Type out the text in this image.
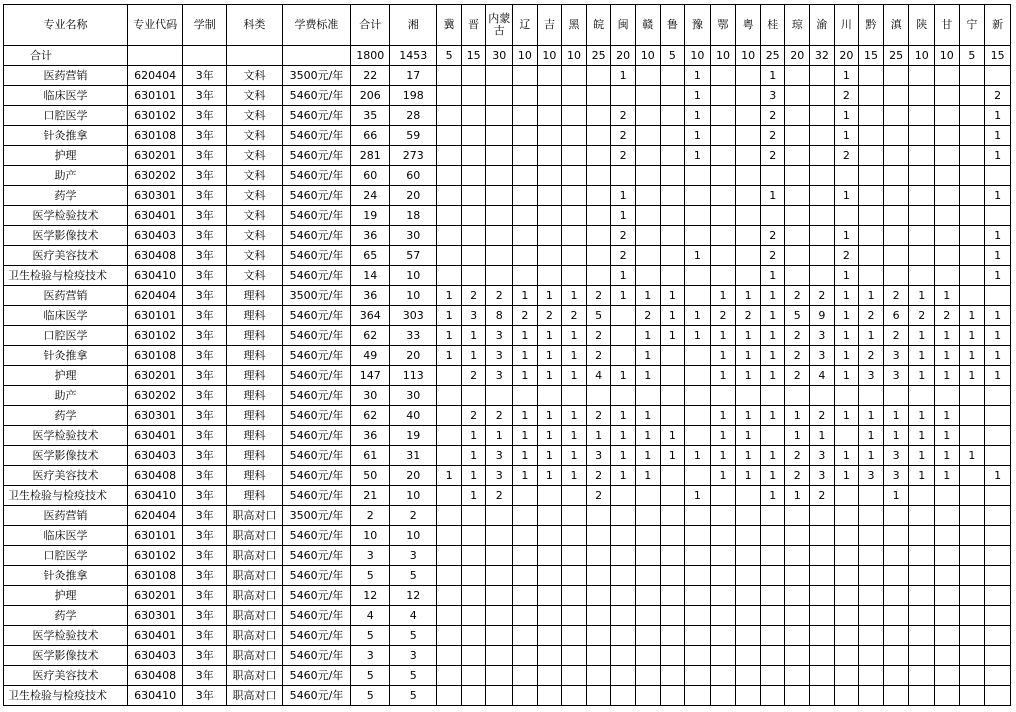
专业名称	专业代码	学制	科类	学费标准	合计	湘	冀	晋	内蒙古	辽	吉	黑	皖	闽	赣	鲁	豫	鄂	粤	桂	琼	渝	川	黔	滇	陕	甘	宁	新
合计					1800	1453	5	15	30	10	10	10	25	20	10	5	10	10	10	25	20	32	20	15	25	10	10	5	15
医药营销	620404	3年	文科	3500元/年	22	17								1			1			1			1						
临床医学	630101	3年	文科	5460元/年	206	198											1			3			2						2
口腔医学	630102	3年	文科	5460元/年	35	28								2			1			2			1						1
针灸推拿	630108	3年	文科	5460元/年	66	59								2			1			2			1						1
护理	630201	3年	文科	5460元/年	281	273								2			1			2			2						1
助产	630202	3年	文科	5460元/年	60	60																							
药学	630301	3年	文科	5460元/年	24	20								1						1			1						1
医学检验技术	630401	3年	文科	5460元/年	19	18								1															
医学影像技术	630403	3年	文科	5460元/年	36	30								2						2			1						1
医疗美容技术	630408	3年	文科	5460元/年	65	57								2			1			2			2						1
卫生检验与检疫技术	630410	3年	文科	5460元/年	14	10								1						1			1						1
医药营销	620404	3年	理科	3500元/年	36	10	1	2	2	1	1	1	2	1	1	1		1	1	1	2	2	1	1	2	1	1		
临床医学	630101	3年	理科	5460元/年	364	303	1	3	8	2	2	2	5		2	1	1	2	2	1	5	9	1	2	6	2	2	1	1
口腔医学	630102	3年	理科	5460元/年	62	33	1	1	3	1	1	1	2		1	1	1	1	1	1	2	3	1	1	2	1	1	1	1
针灸推拿	630108	3年	理科	5460元/年	49	20	1	1	3	1	1	1	2		1			1	1	1	2	3	1	2	3	1	1	1	1
护理	630201	3年	理科	5460元/年	147	113		2	3	1	1	1	4	1	1			1	1	1	2	4	1	3	3	1	1	1	1
助产	630202	3年	理科	5460元/年	30	30																							
药学	630301	3年	理科	5460元/年	62	40		2	2	1	1	1	2	1	1			1	1	1	1	2	1	1	1	1	1		
医学检验技术	630401	3年	理科	5460元/年	36	19		1	1	1	1	1	1	1	1	1		1	1		1	1		1	1	1	1		
医学影像技术	630403	3年	理科	5460元/年	61	31		1	3	1	1	1	3	1	1	1	1	1	1	1	2	3	1	1	3	1	1	1	
医疗美容技术	630408	3年	理科	5460元/年	50	20	1	1	3	1	1	1	2	1	1			1	1	1	2	3	1	3	3	1	1		1
卫生检验与检疫技术	630410	3年	理科	5460元/年	21	10		1	2				2				1			1	1	2			1				
医药营销	620404	3年	职高对口	3500元/年	2	2																							
临床医学	630101	3年	职高对口	5460元/年	10	10																							
口腔医学	630102	3年	职高对口	5460元/年	3	3																							
针灸推拿	630108	3年	职高对口	5460元/年	5	5																							
护理	630201	3年	职高对口	5460元/年	12	12																							
药学	630301	3年	职高对口	5460元/年	4	4																							
医学检验技术	630401	3年	职高对口	5460元/年	5	5																							
医学影像技术	630403	3年	职高对口	5460元/年	3	3																							
医疗美容技术	630408	3年	职高对口	5460元/年	5	5																							
卫生检验与检疫技术	630410	3年	职高对口	5460元/年	5	5																							
